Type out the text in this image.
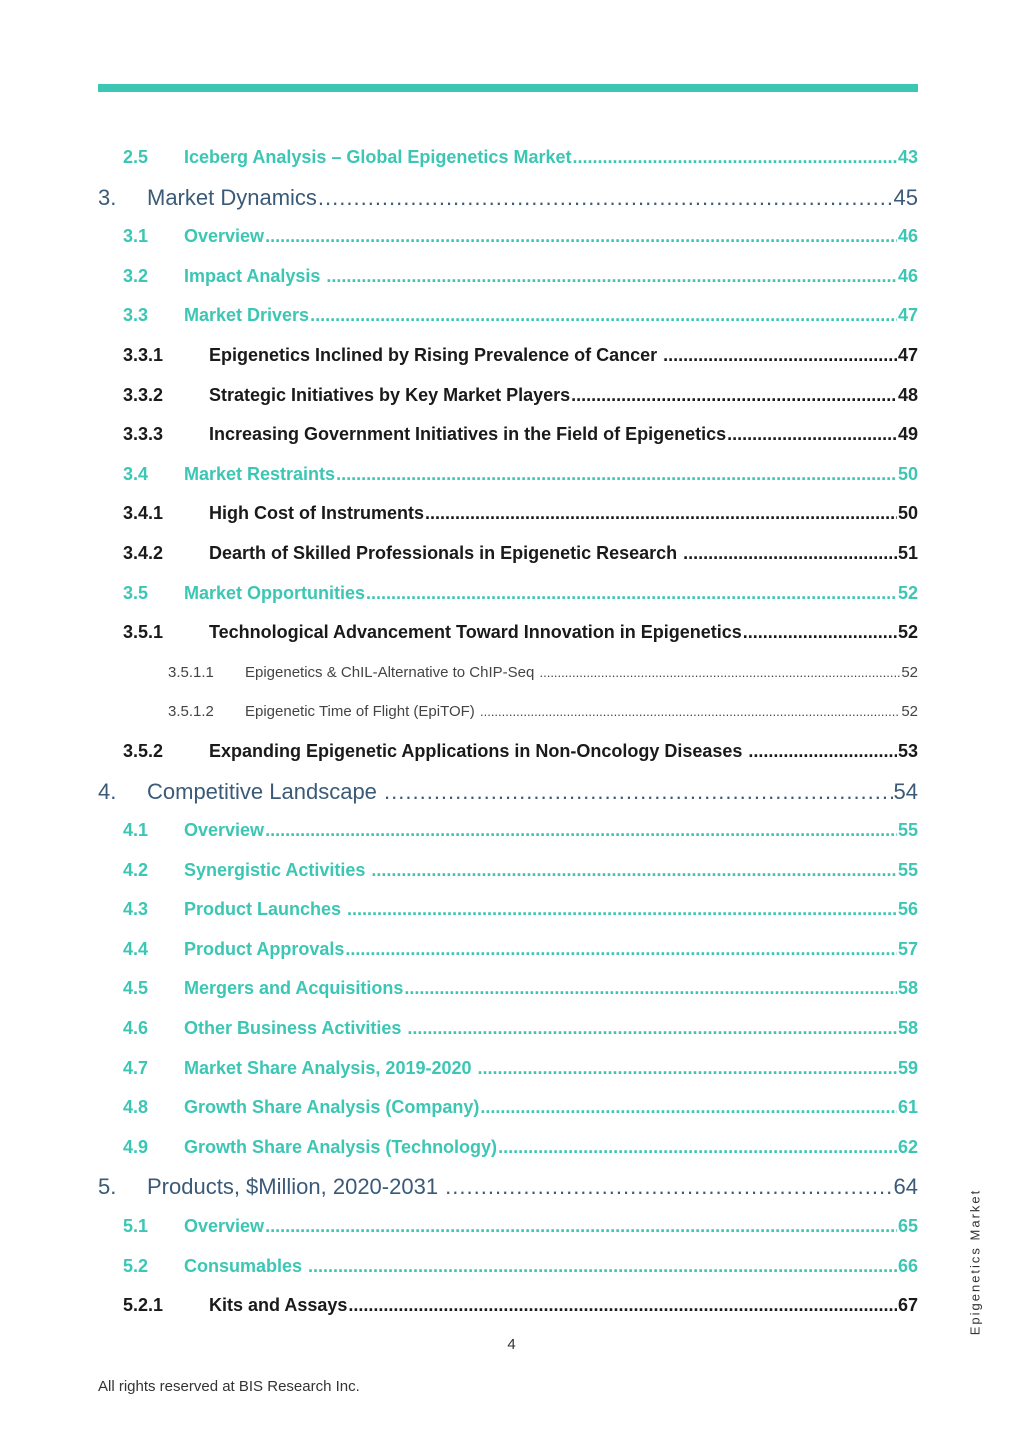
2.5	Iceberg Analysis – Global Epigenetics Market .....	43
3.	Market Dynamics .....	45
3.1	Overview .....	46
3.2	Impact Analysis .....	46
3.3	Market Drivers .....	47
3.3.1	Epigenetics Inclined by Rising Prevalence of Cancer .....	47
3.3.2	Strategic Initiatives by Key Market Players .....	48
3.3.3	Increasing Government Initiatives in the Field of Epigenetics .....	49
3.4	Market Restraints .....	50
3.4.1	High Cost of Instruments .....	50
3.4.2	Dearth of Skilled Professionals in Epigenetic Research .....	51
3.5	Market Opportunities .....	52
3.5.1	Technological Advancement Toward Innovation in Epigenetics .....	52
3.5.1.1	Epigenetics & ChIL-Alternative to ChIP-Seq .....	52
3.5.1.2	Epigenetic Time of Flight (EpiTOF) .....	52
3.5.2	Expanding Epigenetic Applications in Non-Oncology Diseases .....	53
4.	Competitive Landscape .....	54
4.1	Overview .....	55
4.2	Synergistic Activities .....	55
4.3	Product Launches .....	56
4.4	Product Approvals .....	57
4.5	Mergers and Acquisitions .....	58
4.6	Other Business Activities .....	58
4.7	Market Share Analysis, 2019-2020 .....	59
4.8	Growth Share Analysis (Company) .....	61
4.9	Growth Share Analysis (Technology) .....	62
5.	Products, $Million, 2020-2031 .....	64
5.1	Overview .....	65
5.2	Consumables .....	66
5.2.1	Kits and Assays .....	67
4
All rights reserved at BIS Research Inc.
Epigenetics Market
